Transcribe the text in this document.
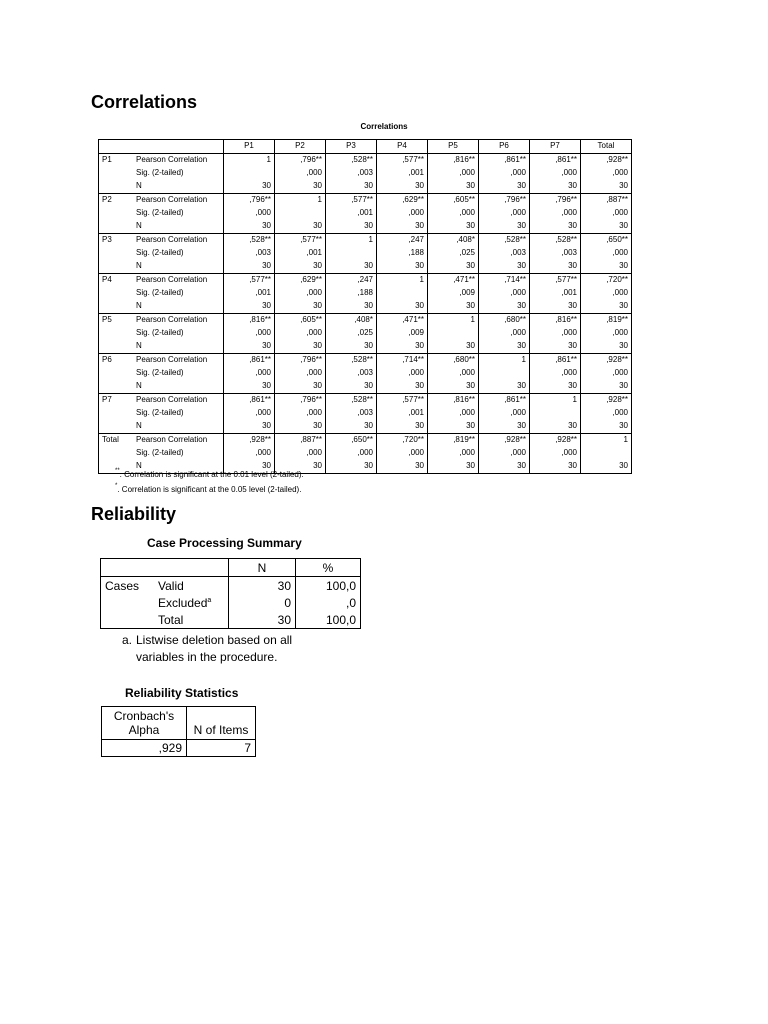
Correlations
Correlations
		P1	P2	P3	P4	P5	P6	P7	Total
P1	Pearson Correlation	1	,796**	,528**	,577**	,816**	,861**	,861**	,928**
	Sig. (2-tailed)		,000	,003	,001	,000	,000	,000	,000
	N	30	30	30	30	30	30	30	30
P2	Pearson Correlation	,796**	1	,577**	,629**	,605**	,796**	,796**	,887**
	Sig. (2-tailed)	,000		,001	,000	,000	,000	,000	,000
	N	30	30	30	30	30	30	30	30
P3	Pearson Correlation	,528**	,577**	1	,247	,408*	,528**	,528**	,650**
	Sig. (2-tailed)	,003	,001		,188	,025	,003	,003	,000
	N	30	30	30	30	30	30	30	30
P4	Pearson Correlation	,577**	,629**	,247	1	,471**	,714**	,577**	,720**
	Sig. (2-tailed)	,001	,000	,188		,009	,000	,001	,000
	N	30	30	30	30	30	30	30	30
P5	Pearson Correlation	,816**	,605**	,408*	,471**	1	,680**	,816**	,819**
	Sig. (2-tailed)	,000	,000	,025	,009		,000	,000	,000
	N	30	30	30	30	30	30	30	30
P6	Pearson Correlation	,861**	,796**	,528**	,714**	,680**	1	,861**	,928**
	Sig. (2-tailed)	,000	,000	,003	,000	,000		,000	,000
	N	30	30	30	30	30	30	30	30
P7	Pearson Correlation	,861**	,796**	,528**	,577**	,816**	,861**	1	,928**
	Sig. (2-tailed)	,000	,000	,003	,001	,000	,000		,000
	N	30	30	30	30	30	30	30	30
Total	Pearson Correlation	,928**	,887**	,650**	,720**	,819**	,928**	,928**	1
	Sig. (2-tailed)	,000	,000	,000	,000	,000	,000	,000	
	N	30	30	30	30	30	30	30	30
**. Correlation is significant at the 0.01 level (2-tailed).
*. Correlation is significant at the 0.05 level (2-tailed).
Reliability
Case Processing Summary
		N	%
Cases	Valid	30	100,0
	Excluded$^a$	0	,0
	Total	30	100,0
a. Listwise deletion based on all
variables in the procedure.
Reliability Statistics
Cronbach's
Alpha	N of Items
,929	7
